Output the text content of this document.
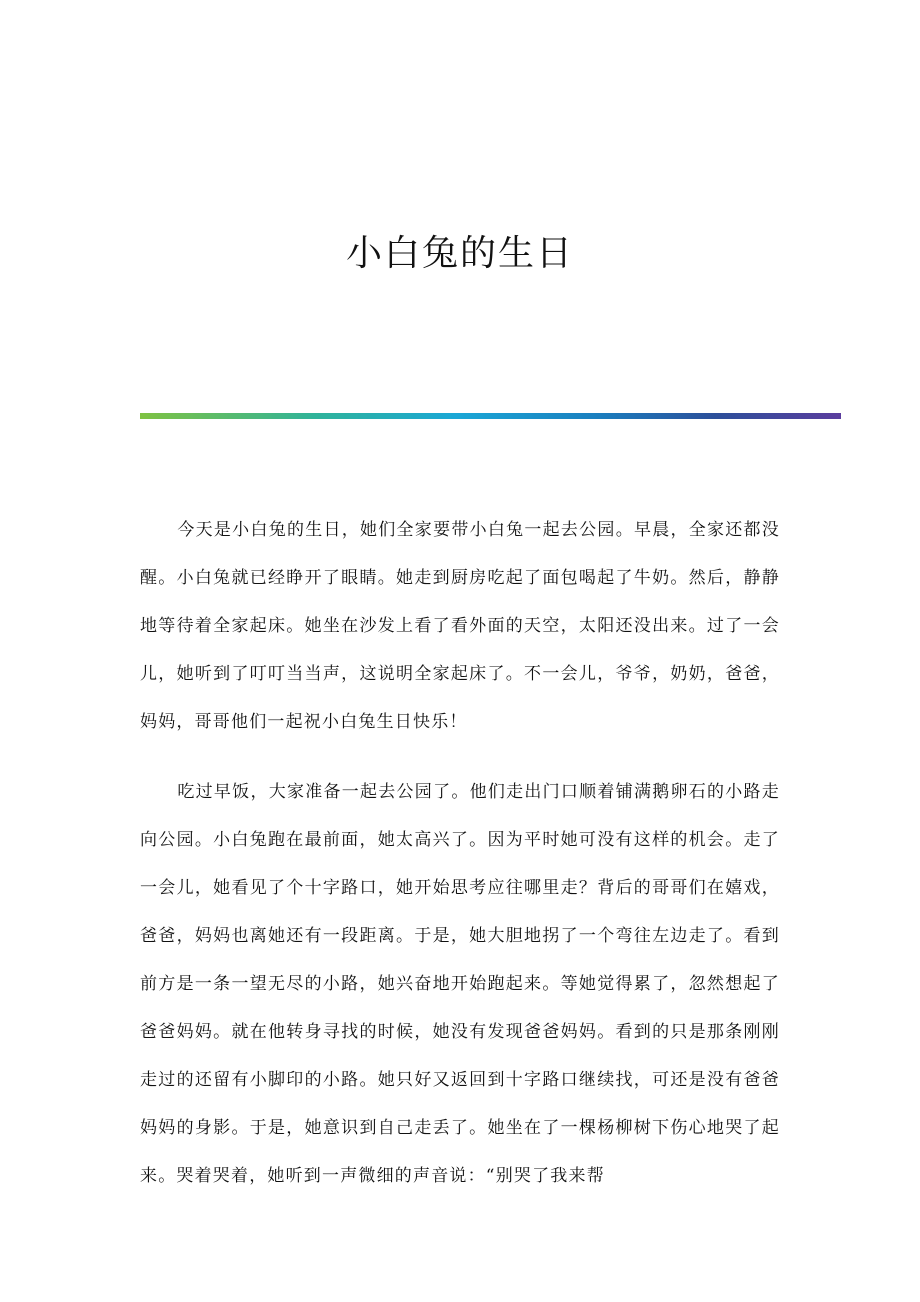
小白兔的生日

今天是小白兔的生日，她们全家要带小白兔一起去公园。早晨，全家还都没醒。小白兔就已经睁开了眼睛。她走到厨房吃起了面包喝起了牛奶。然后，静静地等待着全家起床。她坐在沙发上看了看外面的天空，太阳还没出来。过了一会儿，她听到了叮叮当当声，这说明全家起床了。不一会儿，爷爷，奶奶，爸爸，妈妈，哥哥他们一起祝小白兔生日快乐！

吃过早饭，大家准备一起去公园了。他们走出门口顺着铺满鹅卵石的小路走向公园。小白兔跑在最前面，她太高兴了。因为平时她可没有这样的机会。走了一会儿，她看见了个十字路口，她开始思考应往哪里走？背后的哥哥们在嬉戏，爸爸，妈妈也离她还有一段距离。于是，她大胆地拐了一个弯往左边走了。看到前方是一条一望无尽的小路，她兴奋地开始跑起来。等她觉得累了，忽然想起了爸爸妈妈。就在他转身寻找的时候，她没有发现爸爸妈妈。看到的只是那条刚刚走过的还留有小脚印的小路。她只好又返回到十字路口继续找，可还是没有爸爸妈妈的身影。于是，她意识到自己走丢了。她坐在了一棵杨柳树下伤心地哭了起来。哭着哭着，她听到一声微细的声音说：“别哭了我来帮
